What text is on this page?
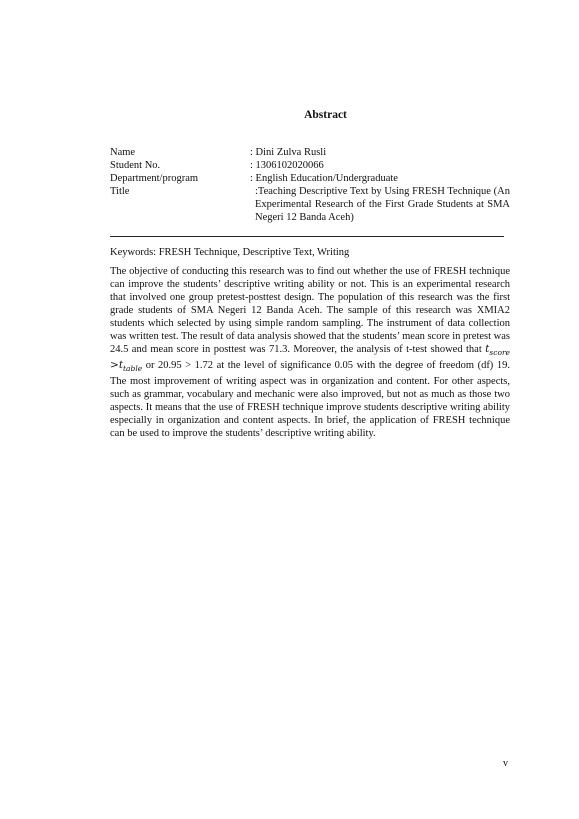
Abstract
Name	: Dini Zulva Rusli
Student No.	: 1306102020066
Department/program	: English Education/Undergraduate
Title	:Teaching Descriptive Text by Using FRESH Technique (An Experimental Research of the First Grade Students at SMA Negeri 12 Banda Aceh)
Keywords: FRESH Technique, Descriptive Text, Writing
The objective of conducting this research was to find out whether the use of FRESH technique can improve the students’ descriptive writing ability or not. This is an experimental research that involved one group pretest-posttest design. The population of this research was the first grade students of SMA Negeri 12 Banda Aceh. The sample of this research was XMIA2 students which selected by using simple random sampling. The instrument of data collection was written test. The result of data analysis showed that the students’ mean score in pretest was 24.5 and mean score in posttest was 71.3. Moreover, the analysis of t-test showed that $t_{score} >t_{table}$ or 20.95 > 1.72 at the level of significance 0.05 with the degree of freedom (df) 19. The most improvement of writing aspect was in organization and content. For other aspects, such as grammar, vocabulary and mechanic were also improved, but not as much as those two aspects. It means that the use of FRESH technique improve students descriptive writing ability especially in organization and content aspects. In brief, the application of FRESH technique can be used to improve the students’ descriptive writing ability.
v
